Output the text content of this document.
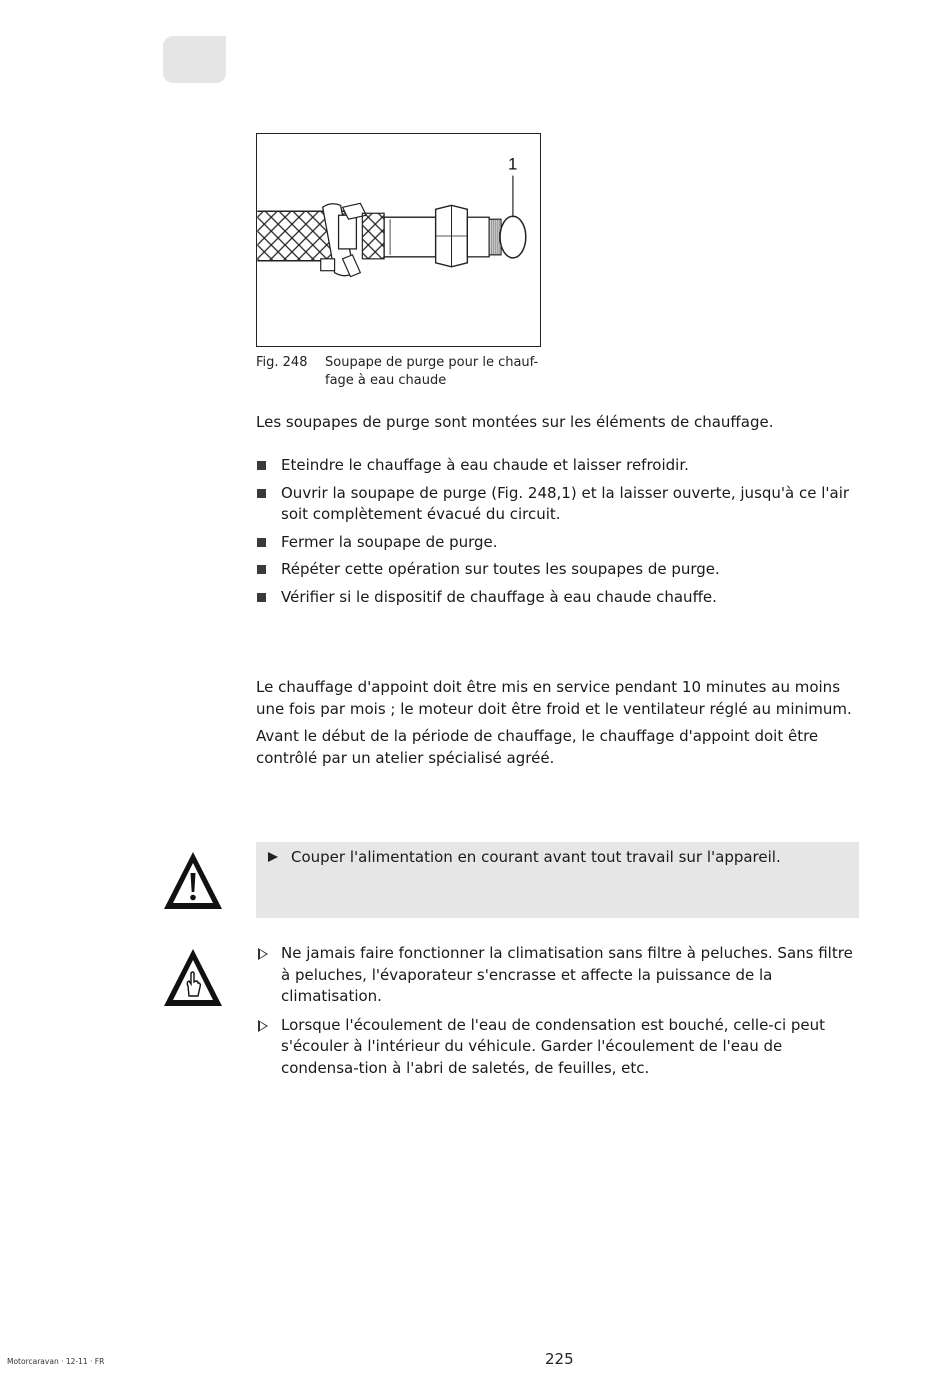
1
Fig. 248 Soupape de purge pour le chauf-fage à eau chaude
Les soupapes de purge sont montées sur les éléments de chauffage.
Eteindre le chauffage à eau chaude et laisser refroidir.
Ouvrir la soupape de purge (Fig. 248,1) et la laisser ouverte, jusqu'à ce l'air soit complètement évacué du circuit.
Fermer la soupape de purge.
Répéter cette opération sur toutes les soupapes de purge.
Vérifier si le dispositif de chauffage à eau chaude chauffe.
Le chauffage d'appoint doit être mis en service pendant 10 minutes au moins une fois par mois ; le moteur doit être froid et le ventilateur réglé au minimum.
Avant le début de la période de chauffage, le chauffage d'appoint doit être contrôlé par un atelier spécialisé agréé.
Couper l'alimentation en courant avant tout travail sur l'appareil.
Ne jamais faire fonctionner la climatisation sans filtre à peluches. Sans filtre à peluches, l'évaporateur s'encrasse et affecte la puissance de la climatisation.
Lorsque l'écoulement de l'eau de condensation est bouché, celle-ci peut s'écouler à l'intérieur du véhicule. Garder l'écoulement de l'eau de condensa-tion à l'abri de saletés, de feuilles, etc.
Motorcaravan · 12-11 · FR	225
